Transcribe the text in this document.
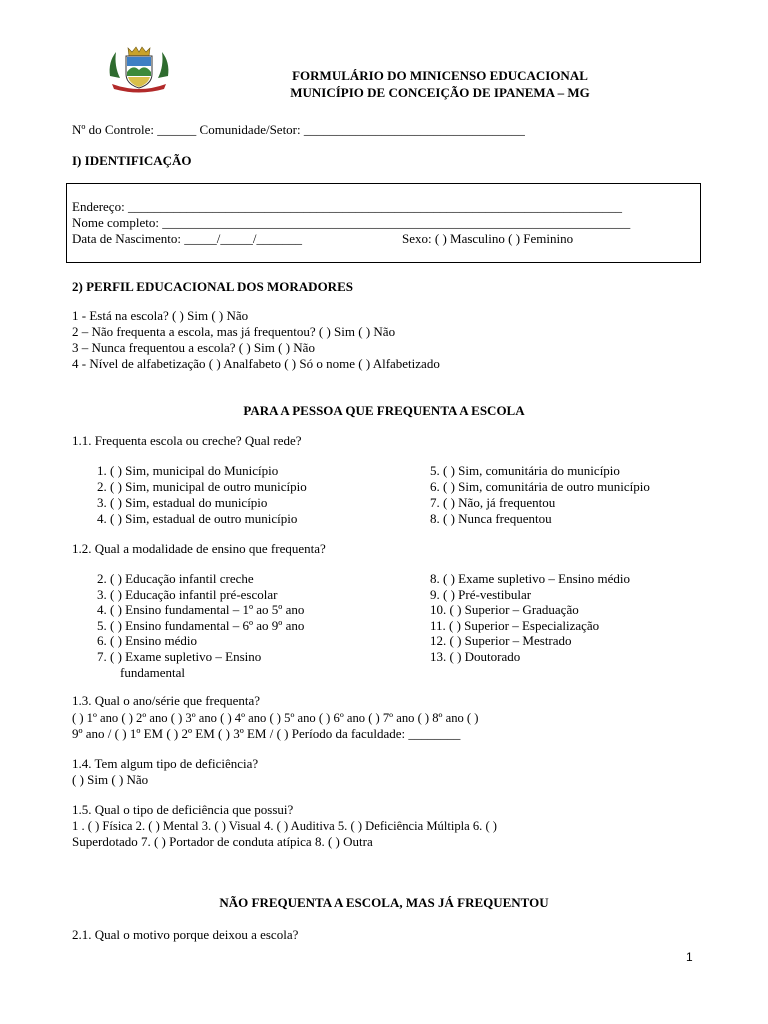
FORMULÁRIO DO MINICENSO EDUCACIONAL
MUNICÍPIO DE CONCEIÇÃO DE IPANEMA – MG
Nº do Controle: ______ Comunidade/Setor: __________________________________
I) IDENTIFICAÇÃO
Endereço: ____________________________________________________________________________
Nome completo: ________________________________________________________________________
Data de Nascimento: _____/_____/_______	Sexo: ( ) Masculino ( ) Feminino
2) PERFIL EDUCACIONAL DOS MORADORES
1 - Está na escola? ( ) Sim ( ) Não
2 – Não frequenta a escola, mas já frequentou? ( ) Sim ( ) Não
3 – Nunca frequentou a escola? ( ) Sim ( ) Não
4 - Nível de alfabetização ( ) Analfabeto ( ) Só o nome ( ) Alfabetizado
PARA A PESSOA QUE FREQUENTA A ESCOLA
1.1. Frequenta escola ou creche? Qual rede?
1. ( ) Sim, municipal do Município
2. ( ) Sim, municipal de outro município
3. ( ) Sim, estadual do município
4. ( ) Sim, estadual de outro município
5. ( ) Sim, comunitária do município
6. ( ) Sim, comunitária de outro município
7. ( ) Não, já frequentou
8. ( ) Nunca frequentou
1.2. Qual a modalidade de ensino que frequenta?
2. ( ) Educação infantil creche
3. ( ) Educação infantil pré-escolar
4. ( ) Ensino fundamental – 1º ao 5º ano
5. ( ) Ensino fundamental – 6º ao 9º ano
6. ( ) Ensino médio
7. ( ) Exame supletivo – Ensino
fundamental
8. ( ) Exame supletivo – Ensino médio
9. ( ) Pré-vestibular
10. ( ) Superior – Graduação
11. ( ) Superior – Especialização
12. ( ) Superior – Mestrado
13. ( ) Doutorado
1.3. Qual o ano/série que frequenta?
( ) 1º ano ( ) 2º ano ( ) 3º ano ( ) 4º ano ( ) 5º ano ( ) 6º ano ( ) 7º ano ( ) 8º ano ( )
9º ano / ( ) 1º EM ( ) 2º EM ( ) 3º EM / ( ) Período da faculdade: ________
1.4. Tem algum tipo de deficiência?
( ) Sim ( ) Não
1.5. Qual o tipo de deficiência que possui?
1 . ( ) Física 2. ( ) Mental 3. ( ) Visual 4. ( ) Auditiva 5. ( ) Deficiência Múltipla 6. ( )
Superdotado 7. ( ) Portador de conduta atípica 8. ( ) Outra
NÃO FREQUENTA A ESCOLA, MAS JÁ FREQUENTOU
2.1. Qual o motivo porque deixou a escola?
1
